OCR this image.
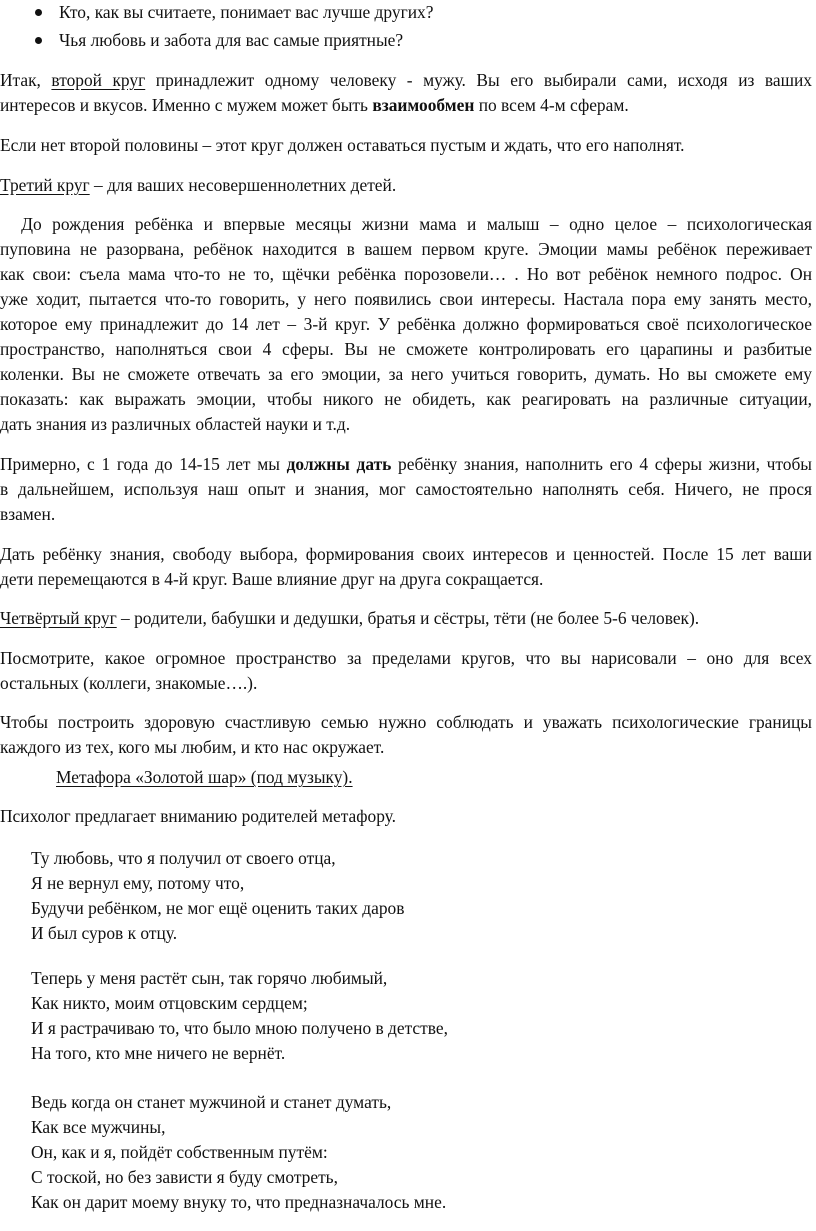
Кто, как вы считаете, понимает вас лучше других?
Чья любовь и забота для вас самые приятные?
Итак, второй круг принадлежит одному человеку - мужу. Вы его выбирали сами, исходя из ваших
интересов и вкусов. Именно с мужем может быть взаимообмен по всем 4-м сферам.
Если нет второй половины – этот круг должен оставаться пустым и ждать, что его наполнят.
Третий круг – для ваших несовершеннолетних детей.
До рождения ребёнка и впервые месяцы жизни мама и малыш – одно целое – психологическая
пуповина не разорвана, ребёнок находится в вашем первом круге. Эмоции мамы ребёнок переживает
как свои: съела мама что-то не то, щёчки ребёнка порозовели… . Но вот ребёнок немного подрос. Он
уже ходит, пытается что-то говорить, у него появились свои интересы. Настала пора ему занять место,
которое ему принадлежит до 14 лет – 3-й круг. У ребёнка должно формироваться своё психологическое
пространство, наполняться свои 4 сферы. Вы не сможете контролировать его царапины и разбитые
коленки. Вы не сможете отвечать за его эмоции, за него учиться говорить, думать. Но вы сможете ему
показать: как выражать эмоции, чтобы никого не обидеть, как реагировать на различные ситуации,
дать знания из различных областей науки и т.д.
Примерно, с 1 года до 14-15 лет мы должны дать ребёнку знания, наполнить его 4 сферы жизни, чтобы
в дальнейшем, используя наш опыт и знания, мог самостоятельно наполнять себя. Ничего, не прося
взамен.
Дать ребёнку знания, свободу выбора, формирования своих интересов и ценностей. После 15 лет ваши
дети перемещаются в 4-й круг. Ваше влияние друг на друга сокращается.
Четвёртый круг – родители, бабушки и дедушки, братья и сёстры, тёти (не более 5-6 человек).
Посмотрите, какое огромное пространство за пределами кругов, что вы нарисовали – оно для всех
остальных (коллеги, знакомые….).
Чтобы построить здоровую счастливую семью нужно соблюдать и уважать психологические границы
каждого из тех, кого мы любим, и кто нас окружает.
Метафора «Золотой шар» (под музыку).
Психолог предлагает вниманию родителей метафору.
Ту любовь, что я получил от своего отца,
Я не вернул ему, потому что,
Будучи ребёнком, не мог ещё оценить таких даров
И был суров к отцу.
Теперь у меня растёт сын, так горячо любимый,
Как никто, моим отцовским сердцем;
И я растрачиваю то, что было мною получено в детстве,
На того, кто мне ничего не вернёт.
Ведь когда он станет мужчиной и станет думать,
Как все мужчины,
Он, как и я, пойдёт собственным путём:
С тоской, но без зависти я буду смотреть,
Как он дарит моему внуку то, что предназначалось мне.
